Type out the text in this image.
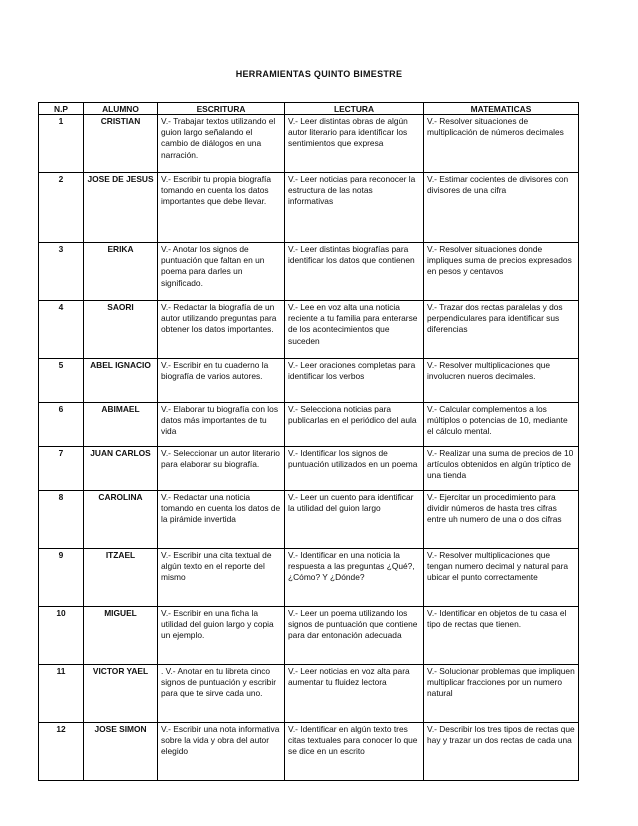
HERRAMIENTAS QUINTO BIMESTRE
N.P	ALUMNO	ESCRITURA	LECTURA	MATEMATICAS
1	CRISTIAN	V.- Trabajar textos utilizando el guion largo señalando el cambio de diálogos en una narración.	V.- Leer distintas obras de algún autor literario para identificar los sentimientos que expresa	V.- Resolver situaciones de multiplicación de números decimales
2	JOSE DE JESUS	V.- Escribir tu propia biografía tomando en cuenta los datos importantes que debe llevar.	V.- Leer noticias para reconocer la estructura de las notas informativas	V.- Estimar cocientes de divisores con divisores de una cifra
3	ERIKA	V.- Anotar los signos de puntuación que faltan en un poema para darles un significado.	V.- Leer distintas biografías para identificar los datos que contienen	V.- Resolver situaciones donde impliques suma de precios expresados en pesos y centavos
4	SAORI	V.- Redactar la biografía de un autor utilizando preguntas para obtener los datos importantes.	V.- Lee en voz alta una noticia reciente a tu familia para enterarse de los acontecimientos que suceden	V.- Trazar dos rectas paralelas y dos perpendiculares para identificar sus diferencias
5	ABEL IGNACIO	V.- Escribir en tu cuaderno la biografía de varios autores.	V.- Leer oraciones completas para identificar los verbos	V.- Resolver multiplicaciones que involucren nueros decimales.
6	ABIMAEL	V.- Elaborar tu biografía con los datos más importantes de tu vida	V.- Selecciona noticias para publicarlas en el periódico del aula	V.- Calcular complementos a los múltiplos o potencias de 10, mediante el cálculo mental.
7	JUAN CARLOS	V.- Seleccionar un autor literario para elaborar su biografía.	V.- Identificar los signos de puntuación utilizados en un poema	V.- Realizar una suma de precios de 10 artículos obtenidos en algún tríptico de una tienda
8	CAROLINA	V.- Redactar una noticia tomando en cuenta los datos de la pirámide invertida	V.- Leer un cuento para identificar la utilidad del guion largo	V.- Ejercitar un procedimiento para dividir números de hasta tres cifras entre uh numero de una o dos cifras
9	ITZAEL	V.- Escribir una cita textual de algún texto en el reporte del mismo	V.- Identificar en una noticia la respuesta a las preguntas ¿Qué?, ¿Cómo? Y ¿Dónde?	V.- Resolver multiplicaciones que tengan numero decimal y natural para ubicar el punto correctamente
10	MIGUEL	V.- Escribir en una ficha la utilidad del guion largo y copia un ejemplo.	V.- Leer un poema utilizando los signos de puntuación que contiene para dar entonación adecuada	V.- Identificar en objetos de tu casa el tipo de rectas que tienen.
11	VICTOR YAEL	. V.- Anotar en tu libreta cinco signos de puntuación y escribir para que te sirve cada uno.	V.- Leer noticias en voz alta para aumentar tu fluidez lectora	V.- Solucionar problemas que impliquen multiplicar fracciones por un numero natural
12	JOSE SIMON	V.- Escribir una nota informativa sobre la vida y obra del autor elegido	V.- Identificar en algún texto tres citas textuales para conocer lo que se dice en un escrito	V.- Describir los tres tipos de rectas que hay y trazar un dos rectas de cada una
